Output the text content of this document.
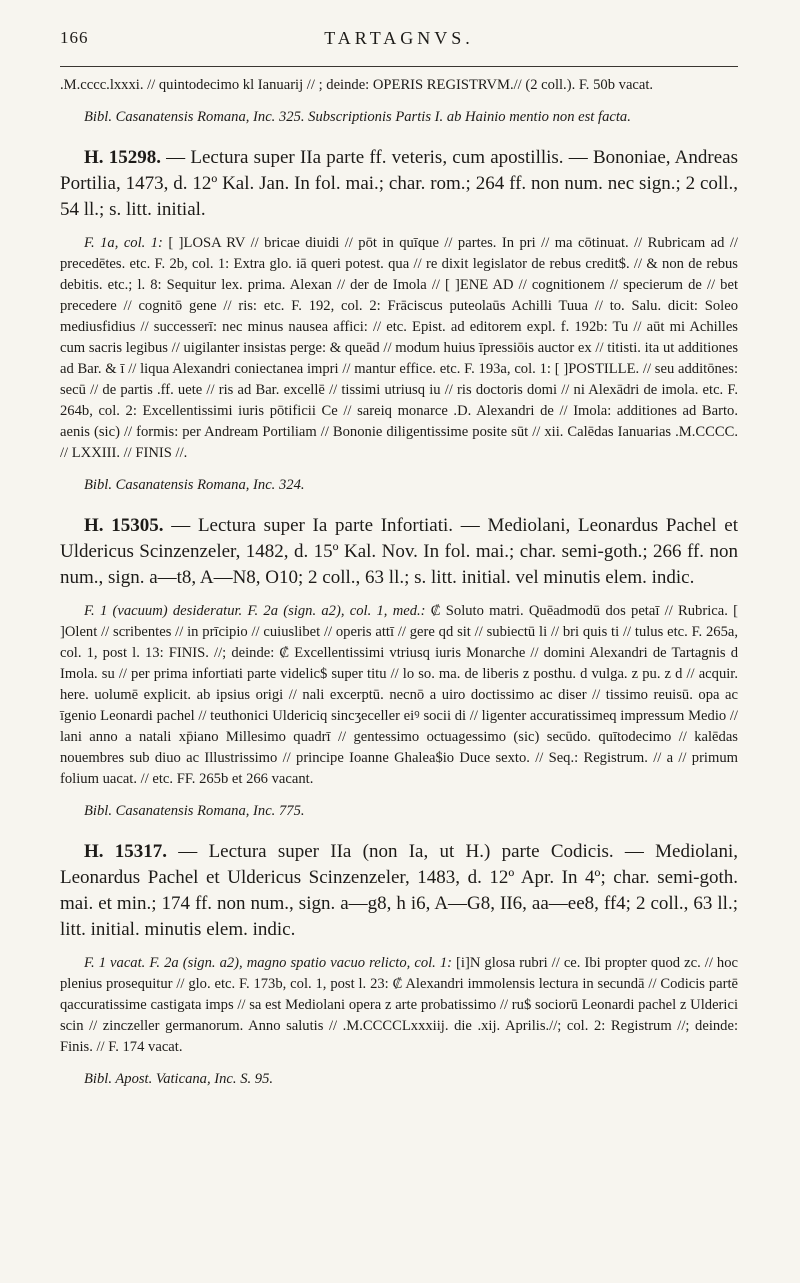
166	TARTAGNVS.

.M.cccc.lxxxi. // quintodecimo kl Ianuarij // ; deinde: OPERIS REGISTRVM.// (2 coll.). F. 50b vacat.

Bibl. Casanatensis Romana, Inc. 325. Subscriptionis Partis I. ab Hainio mentio non est facta.

H. 15298. — Lectura super IIa parte ff. veteris, cum apostillis. — Bononiae, Andreas Portilia, 1473, d. 12º Kal. Jan. In fol. mai.; char. rom.; 264 ff. non num. nec sign.; 2 coll., 54 ll.; s. litt. initial.

F. 1a, col. 1: [ ]LOSA RV // bricae diuidi // pōt in quīque // partes. In pri // ma cōtinuat. // Rubricam ad // precedētes. etc. F. 2b, col. 1: Extra glo. iā queri potest. qua // re dixit legislator de rebus credit$. // & non de rebus debitis. etc.; l. 8: Sequitur lex. prima. Alexan // der de Imola // [ ]ENE AD // cognitionem // specierum de // bet precedere // cognitō gene // ris: etc. F. 192, col. 2: Frāciscus puteolaūs Achilli Tuua // to. Salu. dicit: Soleo mediusfidius // successerī: nec minus nausea affici: // etc. Epist. ad editorem expl. f. 192b: Tu // aūt mi Achilles cum sacris legibus // uigilanter insistas perge: & queād // modum huius īpressiōis auctor ex // titisti. ita ut additiones ad Bar. & ī // liqua Alexandri coniectanea impri // mantur effice. etc. F. 193a, col. 1: [ ]POSTILLE. // seu additōnes: secū // de partis .ff. uete // ris ad Bar. excellē // tissimi utriusq iu // ris doctoris domi // ni Alexādri de imola. etc. F. 264b, col. 2: Excellentissimi iuris pōtificii Ce // sareiq monarce .D. Alexandri de // Imola: additiones ad Barto. aenis (sic) // formis: per Andream Portiliam // Bononie diligentissime posite sūt // xii. Calēdas Ianuarias .M.CCCC. // LXXIII. // FINIS //.

Bibl. Casanatensis Romana, Inc. 324.

H. 15305. — Lectura super Ia parte Infortiati. — Mediolani, Leonardus Pachel et Uldericus Scinzenzeler, 1482, d. 15º Kal. Nov. In fol. mai.; char. semi-goth.; 266 ff. non num., sign. a—t8, A—N8, O10; 2 coll., 63 ll.; s. litt. initial. vel minutis elem. indic.

F. 1 (vacuum) desideratur. F. 2a (sign. a2), col. 1, med.: ₡ Soluto matri. Quēadmodū dos petaī // Rubrica. [ ]Olent // scribentes // in prīcipio // cuiuslibet // operis attī // gere qd sit // subiectū li // bri quis ti // tulus etc. F. 265a, col. 1, post l. 13: FINIS. //; deinde: ₡ Excellentissimi vtriusq iuris Monarche // domini Alexandri de Tartagnis d Imola. su // per prima infortiati parte videlic$ super titu // lo so. ma. de liberis z posthu. d vulga. z pu. z d // acquir. here. uolumē explicit. ab ipsius origi // nali excerptū. necnō a uiro doctissimo ac diser // tissimo reuisū. opa ac īgenio Leonardi pachel // teuthonici Uldericiq sincʒeceller eiꝰ socii di // ligenter accuratissimeq impressum Medio // lani anno a natali xp̄iano Millesimo quadrī // gentessimo octuagessimo (sic) secūdo. quītodecimo // kalēdas nouembres sub diuo ac Illustrissimo // principe Ioanne Ghalea$io Duce sexto. // Seq.: Registrum. // a // primum folium uacat. // etc. FF. 265b et 266 vacant.

Bibl. Casanatensis Romana, Inc. 775.

H. 15317. — Lectura super IIa (non Ia, ut H.) parte Codicis. — Mediolani, Leonardus Pachel et Uldericus Scinzenzeler, 1483, d. 12º Apr. In 4º; char. semi-goth. mai. et min.; 174 ff. non num., sign. a—g8, h i6, A—G8, II6, aa—ee8, ff4; 2 coll., 63 ll.; litt. initial. minutis elem. indic.

F. 1 vacat. F. 2a (sign. a2), magno spatio vacuo relicto, col. 1: [i]N glosa rubri // ce. Ibi propter quod zc. // hoc plenius prosequitur // glo. etc. F. 173b, col. 1, post l. 23: ₡ Alexandri immolensis lectura in secundā // Codicis partē qaccuratissime castigata imps // sa est Mediolani opera z arte probatissimo // ru$ sociorū Leonardi pachel z Ulderici scin // zinczeller germanorum. Anno salutis // .M.CCCCLxxxiij. die .xij. Aprilis.//; col. 2: Registrum //; deinde: Finis. // F. 174 vacat.

Bibl. Apost. Vaticana, Inc. S. 95.
